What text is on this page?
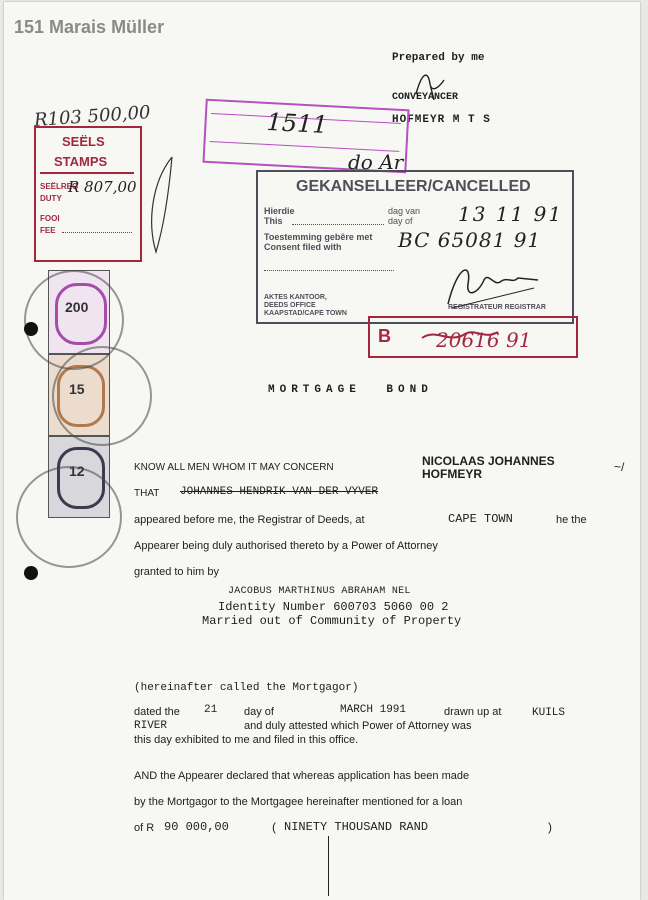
151 Marais Müller
Prepared by me
CONVEYANCER
HOFMEYR M T S
R103 500,00
SEËLS
STAMPS
SEËLREG
DUTY
R 807,00
FOOI
FEE
1511
do Ar
GEKANSELLEER/CANCELLED
Hierdie
This
dag van
day of 13 11 91
Toestemming gebêre met
Consent filed with	BC 65081 91
AKTES KANTOOR,
DEEDS OFFICE
KAAPSTAD/CAPE TOWN
REGISTRATEUR REGISTRAR
B 20616 91
200
15
12
MORTGAGE BOND
KNOW ALL MEN WHOM IT MAY CONCERN	NICOLAAS JOHANNES
HOFMEYR	~/
THAT JOHANNES HENDRIK VAN DER VYVER
appeared before me, the Registrar of Deeds, at	CAPE TOWN	he the
Appearer being duly authorised thereto by a Power of Attorney
granted to him by
JACOBUS MARTHINUS ABRAHAM NEL
Identity Number 600703 5060 00 2
Married out of Community of Property
(hereinafter called the Mortgagor)
dated the 21 day of	MARCH 1991	drawn up at	KUILS
RIVER	and duly attested which Power of Attorney was
this day exhibited to me and filed in this office.
AND the Appearer declared that whereas application has been made
by the Mortgagor to the Mortgagee hereinafter mentioned for a loan
of R 90 000,00	( NINETY THOUSAND RAND	)
